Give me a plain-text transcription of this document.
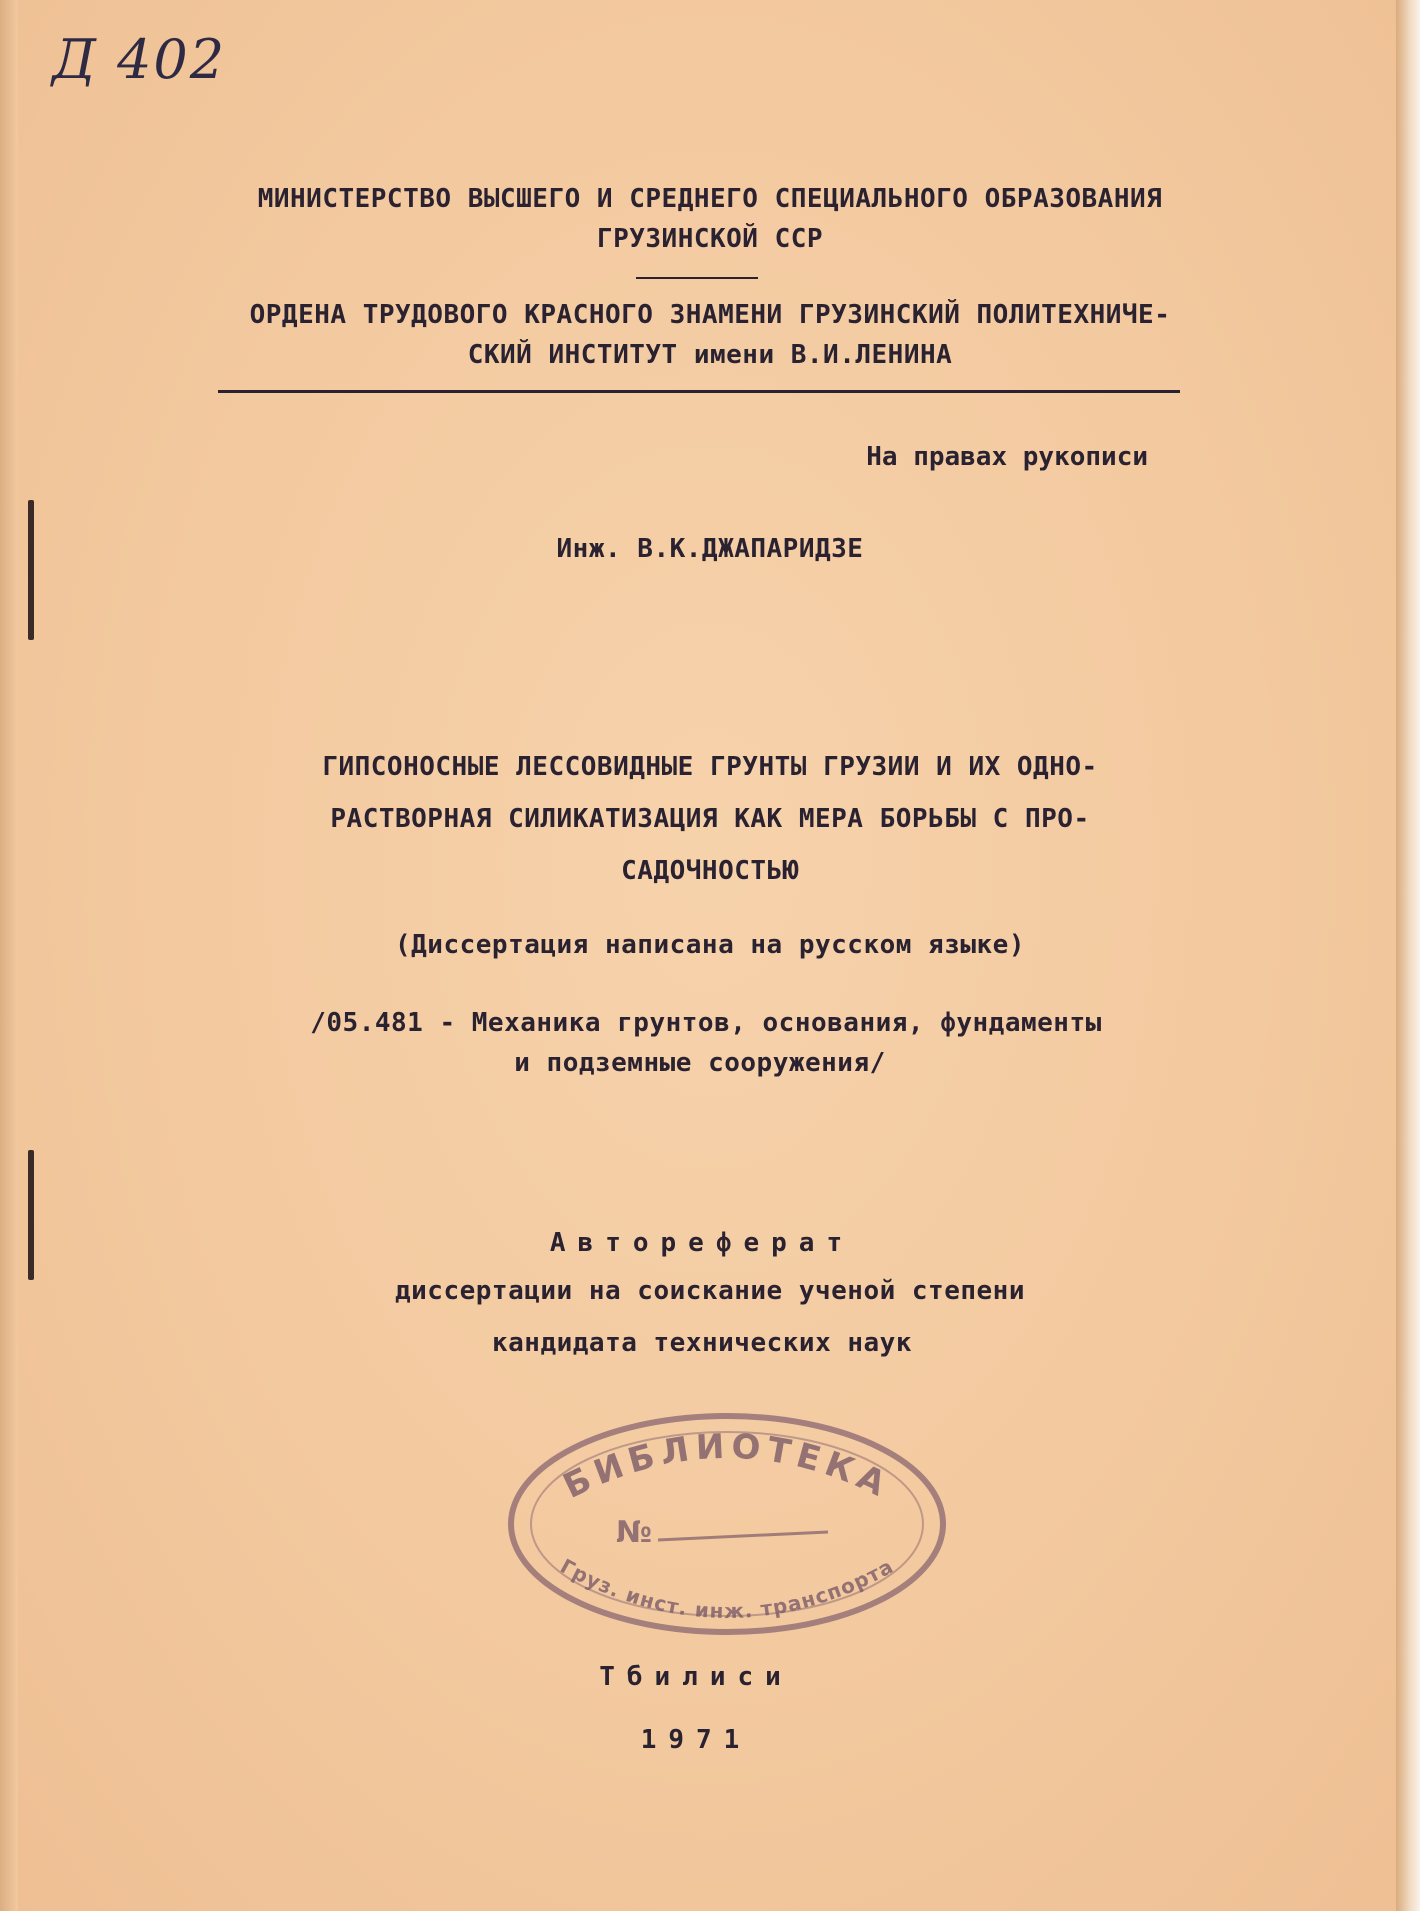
Д 402
МИНИСТЕРСТВО ВЫСШЕГО И СРЕДНЕГО СПЕЦИАЛЬНОГО ОБРАЗОВАНИЯ
ГРУЗИНСКОЙ ССР
ОРДЕНА ТРУДОВОГО КРАСНОГО ЗНАМЕНИ ГРУЗИНСКИЙ ПОЛИТЕХНИЧЕ-
СКИЙ ИНСТИТУТ имени В.И.ЛЕНИНА
На правах рукописи
Инж. В.К.ДЖАПАРИДЗЕ
ГИПСОНОСНЫЕ ЛЕССОВИДНЫЕ ГРУНТЫ ГРУЗИИ И ИХ ОДНО-
РАСТВОРНАЯ СИЛИКАТИЗАЦИЯ КАК МЕРА БОРЬБЫ С ПРО-
САДОЧНОСТЬЮ
(Диссертация написана на русском языке)
/05.481 - Механика грунтов, основания, фундаменты
и подземные сооружения/
Автореферат
диссертации на соискание ученой степени
кандидата технических наук
БИБЛИОТЕКА
№
Груз. инст. инж. транспорта
Тбилиси
1971
